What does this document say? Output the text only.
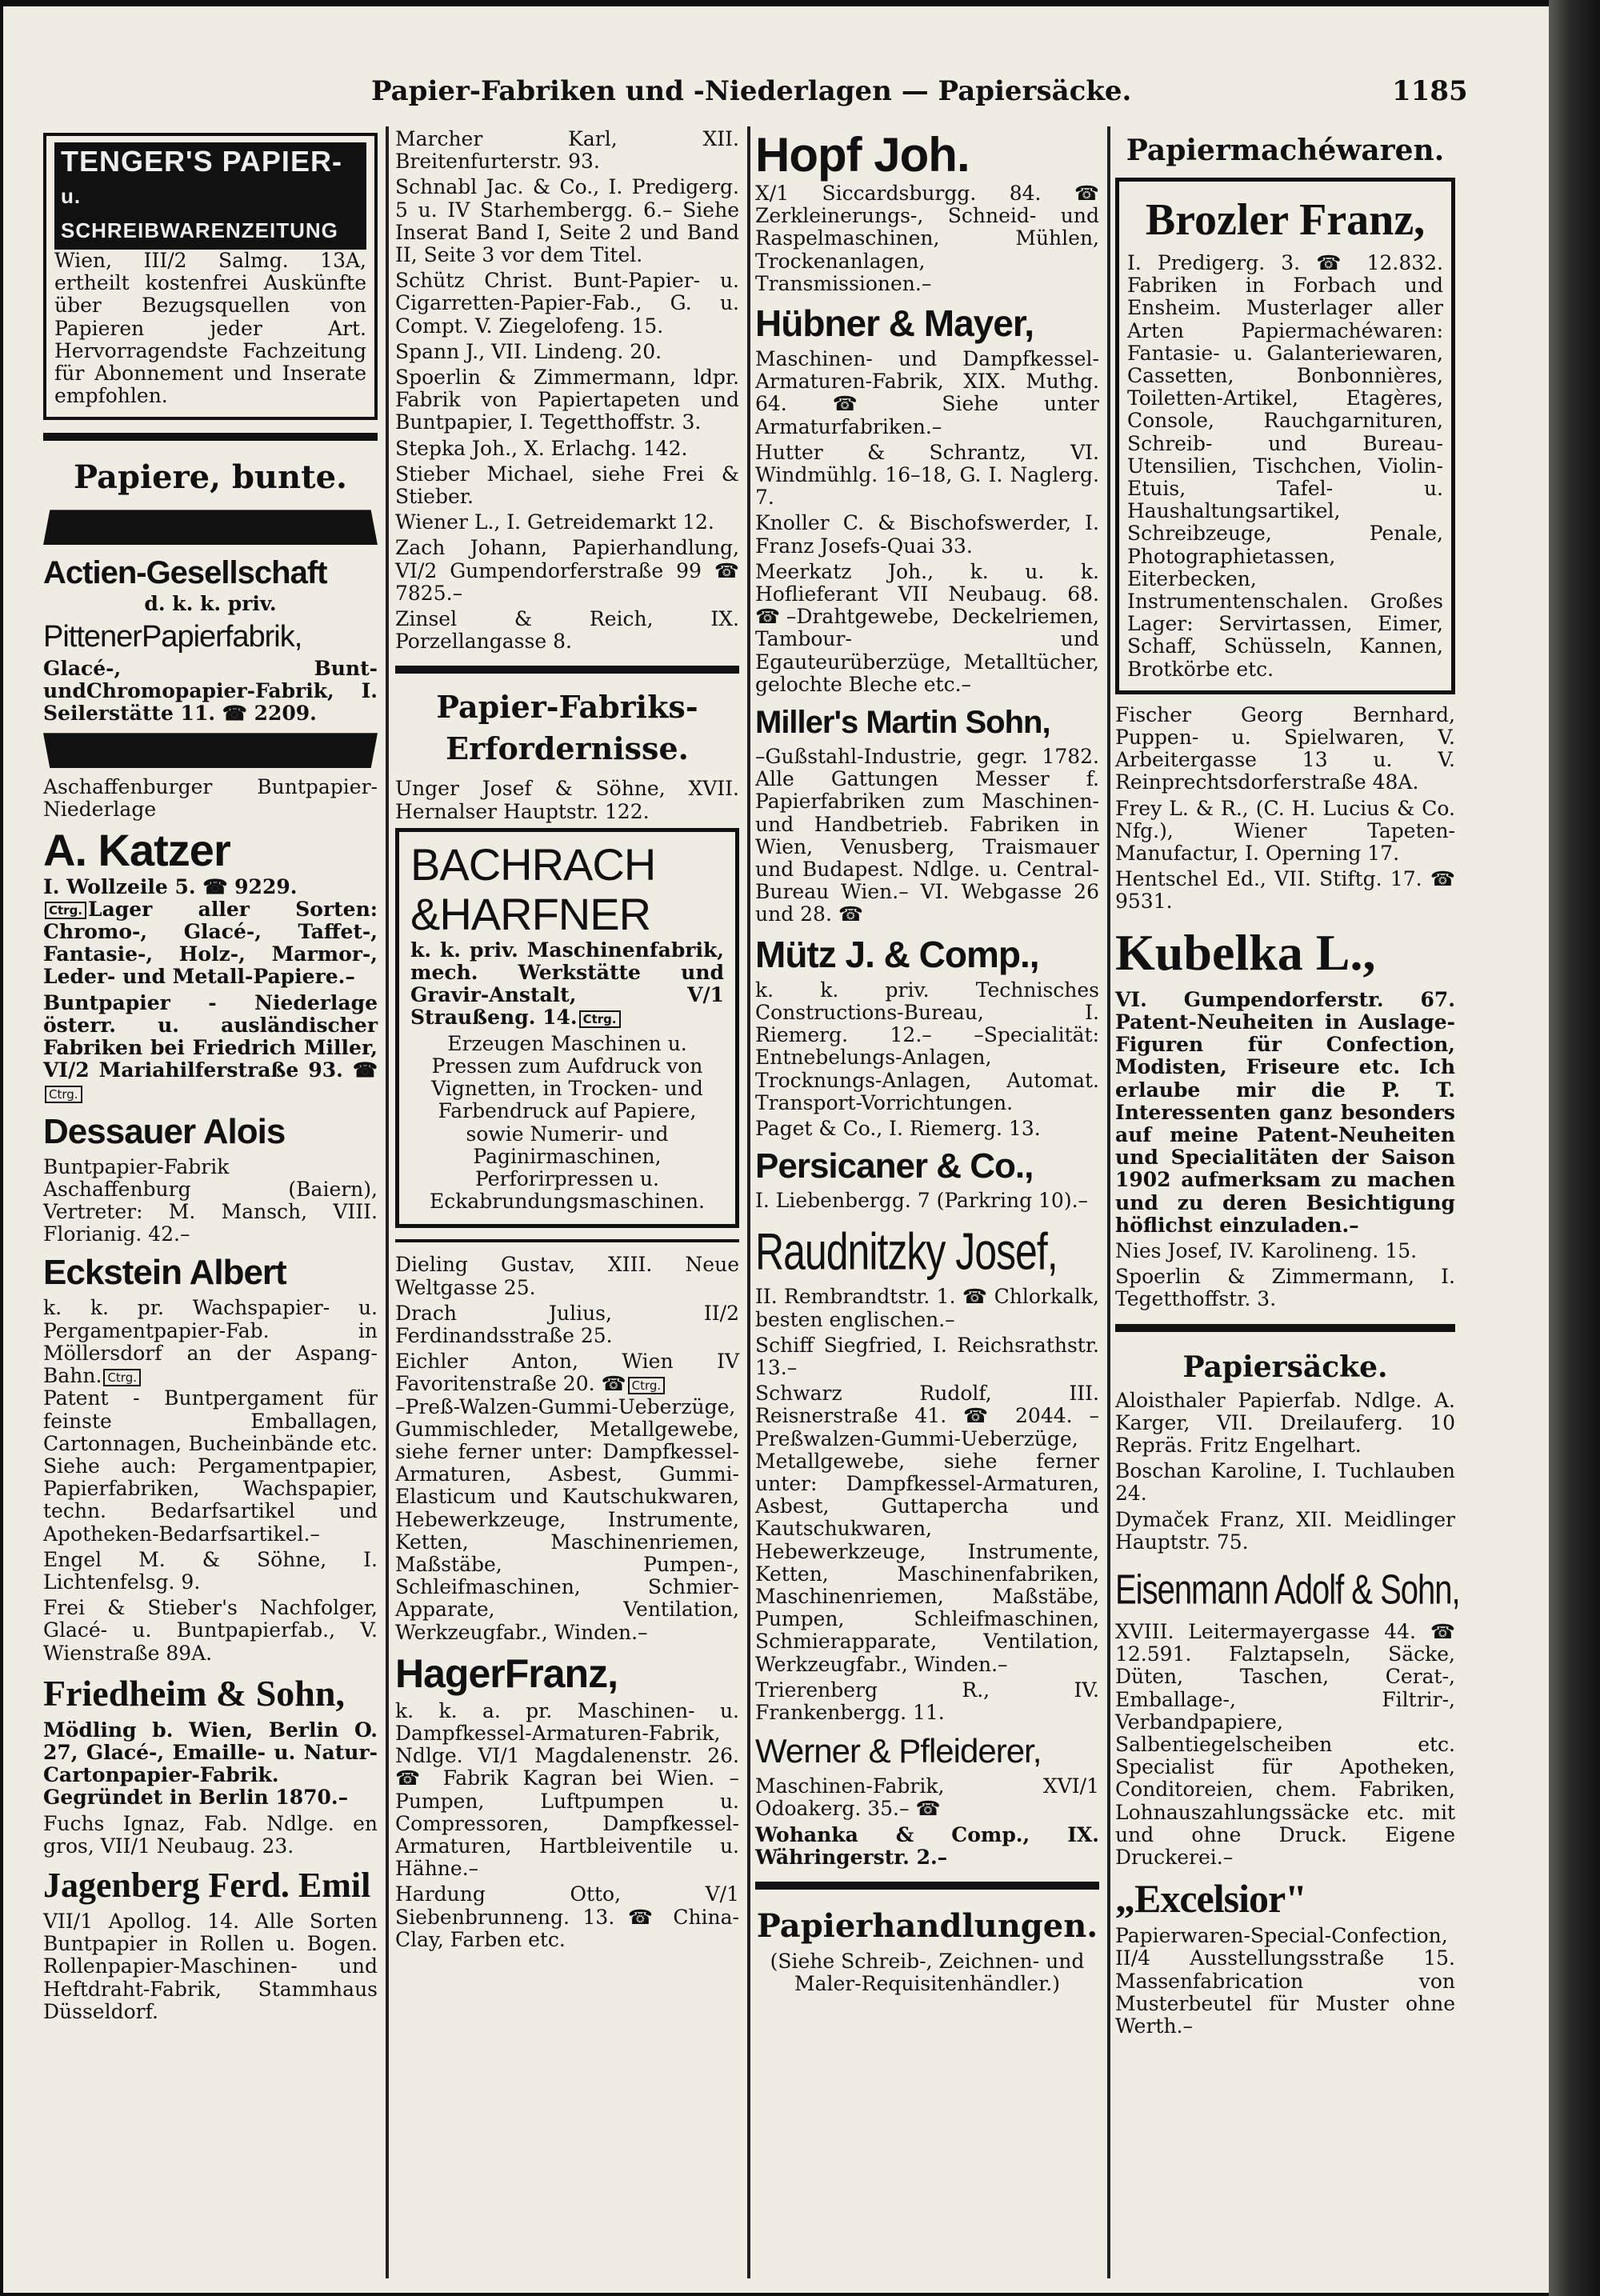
Papier-Fabriken und -Niederlagen — Papiersäcke.	1185
TENGER'S PAPIER-
u. SCHREIBWARENZEITUNG

Wien, III/2 Salmg. 13A, ertheilt kostenfrei Auskünfte über Bezugsquellen von Papieren jeder Art. Hervorragendste Fachzeitung für Abonnement und Inserate empfohlen.

Papiere, bunte.
Actien-Gesellschaft
d. k. k. priv.
PittenerPapierfabrik,

Glacé-, Bunt- undChromopapier-Fabrik, I. Seilerstätte 11. ☎ 2209.

Aschaffenburger Buntpapier-Niederlage

A. Katzer

I. Wollzeile 5. ☎ 9229.

Ctrg. Lager aller Sorten: Chromo-, Glacé-, Taffet-, Fantasie-, Holz-, Marmor-, Leder- und Metall-Papiere.–

Buntpapier - Niederlage österr. u. ausländischer Fabriken bei Friedrich Miller, VI/2 Mariahilferstraße 93. ☎Ctrg.

Dessauer Alois

Buntpapier-Fabrik Aschaffenburg (Baiern), Vertreter: M. Mansch, VIII. Florianig. 42.–

Eckstein Albert

k. k. pr. Wachspapier- u. Pergamentpapier-Fab. in Möllersdorf an der Aspang-Bahn. Ctrg.

Patent - Buntpergament für feinste Emballagen, Cartonnagen, Bucheinbände etc. Siehe auch: Pergamentpapier, Papierfabriken, Wachspapier, techn. Bedarfsartikel und Apotheken-Bedarfsartikel.–

Engel M. & Söhne, I. Lichtenfelsg. 9.

Frei & Stieber's Nachfolger, Glacé- u. Buntpapierfab., V. Wienstraße 89A.

Friedheim & Sohn,

Mödling b. Wien, Berlin O. 27, Glacé-, Emaille- u. Natur-Cartonpapier-Fabrik. Gegründet in Berlin 1870.–

Fuchs Ignaz, Fab. Ndlge. en gros, VII/1 Neubaug. 23.

Jagenberg Ferd. Emil

VII/1 Apollog. 14. Alle Sorten Buntpapier in Rollen u. Bogen. Rollenpapier-Maschinen- und Heftdraht-Fabrik, Stammhaus Düsseldorf.

Marcher Karl, XII. Breitenfurterstr. 93.

Schnabl Jac. & Co., I. Predigerg. 5 u. IV Starhembergg. 6.– Siehe Inserat Band I, Seite 2 und Band II, Seite 3 vor dem Titel.

Schütz Christ. Bunt-Papier- u. Cigarretten-Papier-Fab., G. u. Compt. V. Ziegelofeng. 15.

Spann J., VII. Lindeng. 20.

Spoerlin & Zimmermann, ldpr. Fabrik von Papiertapeten und Buntpapier, I. Tegetthoffstr. 3.

Stepka Joh., X. Erlachg. 142.

Stieber Michael, siehe Frei & Stieber.

Wiener L., I. Getreidemarkt 12.

Zach Johann, Papierhandlung, VI/2 Gumpendorferstraße 99 ☎ 7825.–

Zinsel & Reich, IX. Porzellangasse 8.

Papier-Fabriks-Erfordernisse.

Unger Josef & Söhne, XVII. Hernalser Hauptstr. 122.

BACHRACH
&HARFNER

k. k. priv. Maschinenfabrik, mech. Werkstätte und Gravir-Anstalt, V/1 Straußeng. 14. Ctrg.

Erzeugen Maschinen u. Pressen zum Aufdruck von Vignetten, in Trocken- und Farbendruck auf Papiere, sowie Numerir- und Paginirmaschinen, Perforirpressen u. Eckabrundungsmaschinen.

Dieling Gustav, XIII. Neue Weltgasse 25.

Drach Julius, II/2 Ferdinandsstraße 25.

Eichler Anton, Wien IV Favoritenstraße 20. ☎ Ctrg.

–Preß-Walzen-Gummi-Ueberzüge, Gummischleder, Metallgewebe, siehe ferner unter: Dampfkessel-Armaturen, Asbest, Gummi-Elasticum und Kautschukwaren, Hebewerkzeuge, Instrumente, Ketten, Maschinenriemen, Maßstäbe, Pumpen-, Schleifmaschinen, Schmier-Apparate, Ventilation, Werkzeugfabr., Winden.–

HagerFranz,

k. k. a. pr. Maschinen- u. Dampfkessel-Armaturen-Fabrik, Ndlge. VI/1 Magdalenenstr. 26. ☎ Fabrik Kagran bei Wien. –Pumpen, Luftpumpen u. Compressoren, Dampfkessel-Armaturen, Hartbleiventile u. Hähne.–

Hardung Otto, V/1 Siebenbrunneng. 13. ☎ China-Clay, Farben etc.

Hopf Joh.

X/1 Siccardsburgg. 84. ☎ Zerkleinerungs-, Schneid- und Raspelmaschinen, Mühlen, Trockenanlagen, Transmissionen.–

Hübner & Mayer,

Maschinen- und Dampfkessel-Armaturen-Fabrik, XIX. Muthg. 64. ☎ Siehe unter Armaturfabriken.–

Hutter & Schrantz, VI. Windmühlg. 16–18, G. I. Naglerg. 7.

Knoller C. & Bischofswerder, I. Franz Josefs-Quai 33.

Meerkatz Joh., k. u. k. Hoflieferant VII Neubaug. 68. ☎–Drahtgewebe, Deckelriemen, Tambour- und Egauteurüberzüge, Metalltücher, gelochte Bleche etc.–

Miller's Martin Sohn,

–Gußstahl-Industrie, gegr. 1782. Alle Gattungen Messer f. Papierfabriken zum Maschinen- und Handbetrieb. Fabriken in Wien, Venusberg, Traismauer und Budapest. Ndlge. u. Central-Bureau Wien.– VI. Webgasse 26 und 28. ☎

Mütz J. & Comp.,

k. k. priv. Technisches Constructions-Bureau, I. Riemerg. 12.– –Specialität: Entnebelungs-Anlagen, Trocknungs-Anlagen, Automat. Transport-Vorrichtungen.

Paget & Co., I. Riemerg. 13.

Persicaner & Co.,

I. Liebenbergg. 7 (Parkring 10).–

Raudnitzky Josef,

II. Rembrandtstr. 1. ☎ Chlorkalk, besten englischen.–

Schiff Siegfried, I. Reichsrathstr. 13.–

Schwarz Rudolf, III. Reisnerstraße 41. ☎ 2044. –Preßwalzen-Gummi-Ueberzüge, Metallgewebe, siehe ferner unter: Dampfkessel-Armaturen, Asbest, Guttapercha und Kautschukwaren, Hebewerkzeuge, Instrumente, Ketten, Maschinenfabriken, Maschinenriemen, Maßstäbe, Pumpen, Schleifmaschinen, Schmierapparate, Ventilation, Werkzeugfabr., Winden.–

Trierenberg R., IV. Frankenbergg. 11.

Werner & Pfleiderer,

Maschinen-Fabrik, XVI/1 Odoakerg. 35.– ☎

Wohanka & Comp., IX. Währingerstr. 2.–

Papierhandlungen.

(Siehe Schreib-, Zeichnen- und Maler-Requisitenhändler.)

Papiermachéwaren.
Brozler Franz,

I. Predigerg. 3. ☎ 12.832. Fabriken in Forbach und Ensheim. Musterlager aller Arten Papiermachéwaren: Fantasie- u. Galanteriewaren, Cassetten, Bonbonnières, Toiletten-Artikel, Etagères, Console, Rauchgarnituren, Schreib- und Bureau-Utensilien, Tischchen, Violin-Etuis, Tafel- u. Haushaltungsartikel, Schreibzeuge, Penale, Photographietassen, Eiterbecken, Instrumentenschalen. Großes Lager: Servirtassen, Eimer, Schaff, Schüsseln, Kannen, Brotkörbe etc.

Fischer Georg Bernhard, Puppen- u. Spielwaren, V. Arbeitergasse 13 u. V. Reinprechtsdorferstraße 48A.

Frey L. & R., (C. H. Lucius & Co. Nfg.), Wiener Tapeten-Manufactur, I. Operning 17.

Hentschel Ed., VII. Stiftg. 17. ☎ 9531.

Kubelka L.,

VI. Gumpendorferstr. 67. Patent-Neuheiten in Auslage-Figuren für Confection, Modisten, Friseure etc. Ich erlaube mir die P. T. Interessenten ganz besonders auf meine Patent-Neuheiten und Specialitäten der Saison 1902 aufmerksam zu machen und zu deren Besichtigung höflichst einzuladen.–

Nies Josef, IV. Karolineng. 15.

Spoerlin & Zimmermann, I. Tegetthoffstr. 3.

Papiersäcke.

Aloisthaler Papierfab. Ndlge. A. Karger, VII. Dreilauferg. 10 Repräs. Fritz Engelhart.

Boschan Karoline, I. Tuchlauben 24.

Dymaček Franz, XII. Meidlinger Hauptstr. 75.

Eisenmann Adolf & Sohn,

XVIII. Leitermayergasse 44. ☎ 12.591. Falztapseln, Säcke, Düten, Taschen, Cerat-, Emballage-, Filtrir-, Verbandpapiere, Salbentiegelscheiben etc. Specialist für Apotheken, Conditoreien, chem. Fabriken, Lohnauszahlungssäcke etc. mit und ohne Druck. Eigene Druckerei.–

„Excelsior"

Papierwaren-Special-Confection, II/4 Ausstellungsstraße 15. Massenfabrication von Musterbeutel für Muster ohne Werth.–
